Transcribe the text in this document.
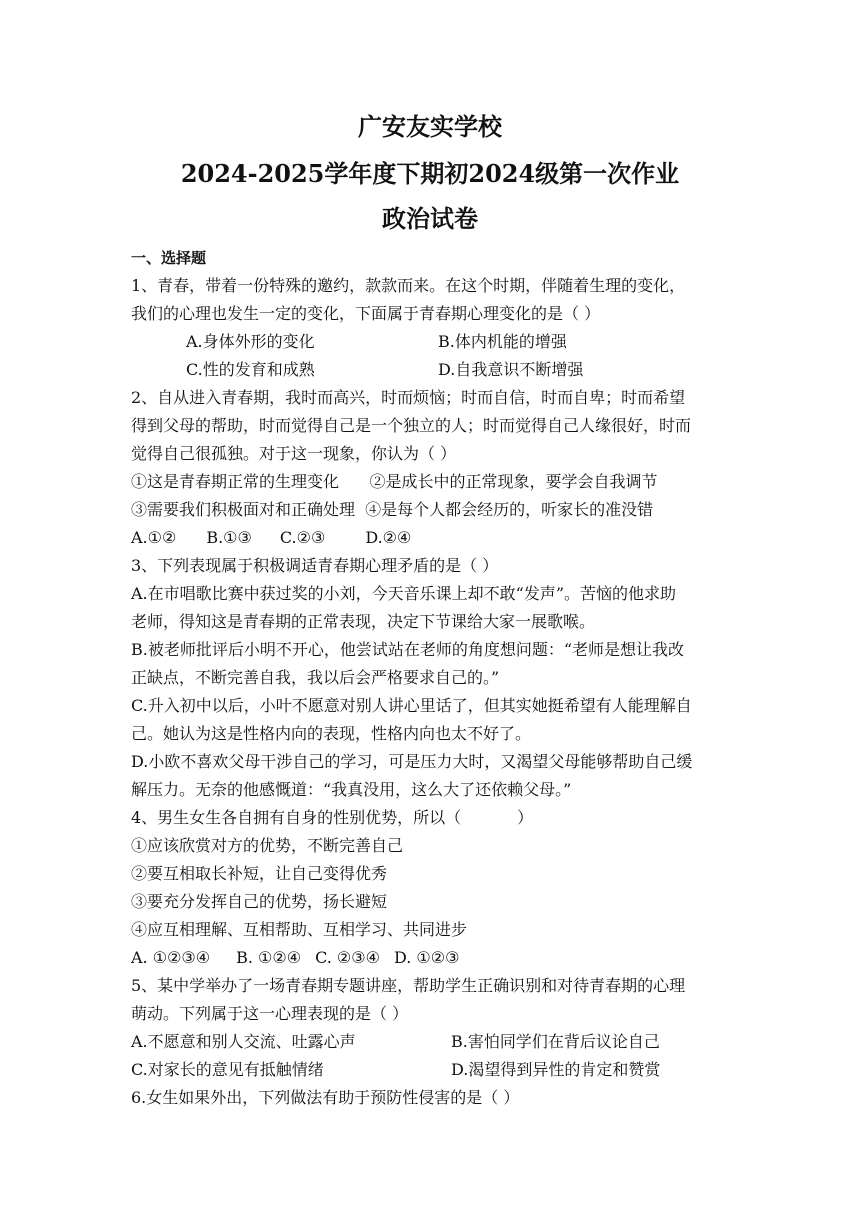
广安友实学校
2024-2025学年度下期初2024级第一次作业
政治试卷
一、选择题
1、青春，带着一份特殊的邀约，款款而来。在这个时期，伴随着生理的变化，
我们的心理也发生一定的变化，下面属于青春期心理变化的是（ ）
A.身体外形的变化	B.体内机能的增强
C.性的发育和成熟	D.自我意识不断增强
2、自从进入青春期，我时而高兴，时而烦恼；时而自信，时而自卑；时而希望
得到父母的帮助，时而觉得自己是一个独立的人；时而觉得自己人缘很好，时而
觉得自己很孤独。对于这一现象，你认为（ ）
①这是青春期正常的生理变化      ②是成长中的正常现象，要学会自我调节
③需要我们积极面对和正确处理  ④是每个人都会经历的，听家长的准没错
A.①② B.①③ C.②③	D.②④
3、下列表现属于积极调适青春期心理矛盾的是（ ）
A.在市唱歌比赛中获过奖的小刘，今天音乐课上却不敢“发声”。苦恼的他求助
老师，得知这是青春期的正常表现，决定下节课给大家一展歌喉。
B.被老师批评后小明不开心，他尝试站在老师的角度想问题：“老师是想让我改
正缺点，不断完善自我，我以后会严格要求自己的。”
C.升入初中以后，小叶不愿意对别人讲心里话了，但其实她挺希望有人能理解自
己。她认为这是性格内向的表现，性格内向也太不好了。
D.小欧不喜欢父母干涉自己的学习，可是压力大时，又渴望父母能够帮助自己缓
解压力。无奈的他感慨道：“我真没用，这么大了还依赖父母。”
4、男生女生各自拥有自身的性别优势，所以（           ）
①应该欣赏对方的优势，不断完善自己
②要互相取长补短，让自己变得优秀
③要充分发挥自己的优势，扬长避短
④应互相理解、互相帮助、互相学习、共同进步
A. ①②③④ B. ①②④ C. ②③④ D. ①②③
5、某中学举办了一场青春期专题讲座，帮助学生正确识别和对待青春期的心理
萌动。下列属于这一心理表现的是（ ）
A.不愿意和别人交流、吐露心声	B.害怕同学们在背后议论自己
C.对家长的意见有抵触情绪	D.渴望得到异性的肯定和赞赏
6.女生如果外出，下列做法有助于预防性侵害的是（ ）
